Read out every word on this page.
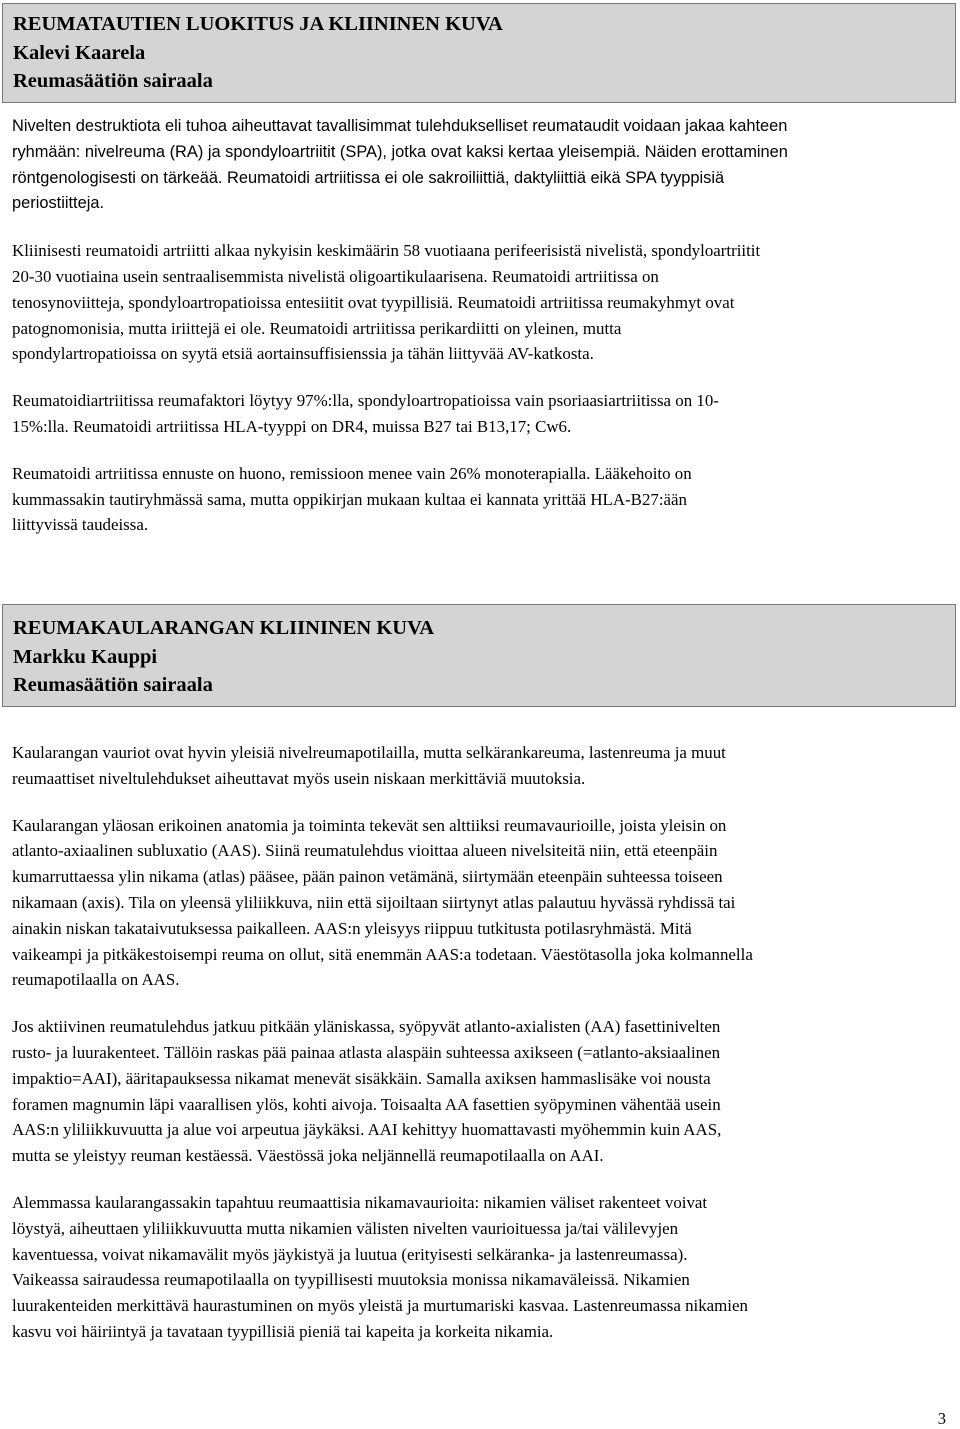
REUMATAUTIEN LUOKITUS JA KLIININEN KUVA
Kalevi Kaarela
Reumasäätiön sairaala

Nivelten destruktiota eli tuhoa aiheuttavat tavallisimmat tulehdukselliset reumataudit voidaan jakaa kahteen
ryhmään: nivelreuma (RA) ja spondyloartriitit (SPA), jotka ovat kaksi kertaa yleisempiä. Näiden erottaminen
röntgenologisesti on tärkeää. Reumatoidi artriitissa ei ole sakroiliittiä, daktyliittiä eikä SPA tyyppisiä
periostiitteja.

Kliinisesti reumatoidi artriitti alkaa nykyisin keskimäärin 58 vuotiaana perifeerisistä nivelistä, spondyloartriitit
20-30 vuotiaina usein sentraalisemmista nivelistä oligoartikulaarisena. Reumatoidi artriitissa on
tenosynoviitteja, spondyloartropatioissa entesiitit ovat tyypillisiä. Reumatoidi artriitissa reumakyhmyt ovat
patognomonisia, mutta iriittejä ei ole. Reumatoidi artriitissa perikardiitti on yleinen, mutta
spondylartropatioissa on syytä etsiä aortainsuffisienssia ja tähän liittyvää AV-katkosta.

Reumatoidiartriitissa reumafaktori löytyy 97%:lla, spondyloartropatioissa vain psoriaasiartriitissa on 10-
15%:lla. Reumatoidi artriitissa HLA-tyyppi on DR4, muissa B27 tai B13,17; Cw6.

Reumatoidi artriitissa ennuste on huono, remissioon menee vain 26% monoterapialla. Lääkehoito on
kummassakin tautiryhmässä sama, mutta oppikirjan mukaan kultaa ei kannata yrittää HLA-B27:ään
liittyvissä taudeissa.

REUMAKAULARANGAN KLIININEN KUVA
Markku Kauppi
Reumasäätiön sairaala

Kaularangan vauriot ovat hyvin yleisiä nivelreumapotilailla, mutta selkärankareuma, lastenreuma ja muut
reumaattiset niveltulehdukset aiheuttavat myös usein niskaan merkittäviä muutoksia.

Kaularangan yläosan erikoinen anatomia ja toiminta tekevät sen alttiiksi reumavaurioille, joista yleisin on
atlanto-axiaalinen subluxatio (AAS). Siinä reumatulehdus vioittaa alueen nivelsiteitä niin, että eteenpäin
kumarruttaessa ylin nikama (atlas) pääsee, pään painon vetämänä, siirtymään eteenpäin suhteessa toiseen
nikamaan (axis). Tila on yleensä yliliikkuva, niin että sijoiltaan siirtynyt atlas palautuu hyvässä ryhdissä tai
ainakin niskan takataivutuksessa paikalleen. AAS:n yleisyys riippuu tutkitusta potilasryhmästä. Mitä
vaikeampi ja pitkäkestoisempi reuma on ollut, sitä enemmän AAS:a todetaan. Väestötasolla joka kolmannella
reumapotilaalla on AAS.

Jos aktiivinen reumatulehdus jatkuu pitkään yläniskassa, syöpyvät atlanto-axialisten (AA) fasettinivelten
rusto- ja luurakenteet. Tällöin raskas pää painaa atlasta alaspäin suhteessa axikseen (=atlanto-aksiaalinen
impaktio=AAI), ääritapauksessa nikamat menevät sisäkkäin. Samalla axiksen hammaslisäke voi nousta
foramen magnumin läpi vaarallisen ylös, kohti aivoja. Toisaalta AA fasettien syöpyminen vähentää usein
AAS:n yliliikkuvuutta ja alue voi arpeutua jäykäksi. AAI kehittyy huomattavasti myöhemmin kuin AAS,
mutta se yleistyy reuman kestäessä. Väestössä joka neljännellä reumapotilaalla on AAI.

Alemmassa kaularangassakin tapahtuu reumaattisia nikamavaurioita: nikamien väliset rakenteet voivat
löystyä, aiheuttaen yliliikkuvuutta mutta nikamien välisten nivelten vaurioituessa ja/tai välilevyjen
kaventuessa, voivat nikamavälit myös jäykistyä ja luutua (erityisesti selkäranka- ja lastenreumassa).
Vaikeassa sairaudessa reumapotilaalla on tyypillisesti muutoksia monissa nikamaväleissä. Nikamien
luurakenteiden merkittävä haurastuminen on myös yleistä ja murtumariski kasvaa. Lastenreumassa nikamien
kasvu voi häiriintyä ja tavataan tyypillisiä pieniä tai kapeita ja korkeita nikamia.

3
